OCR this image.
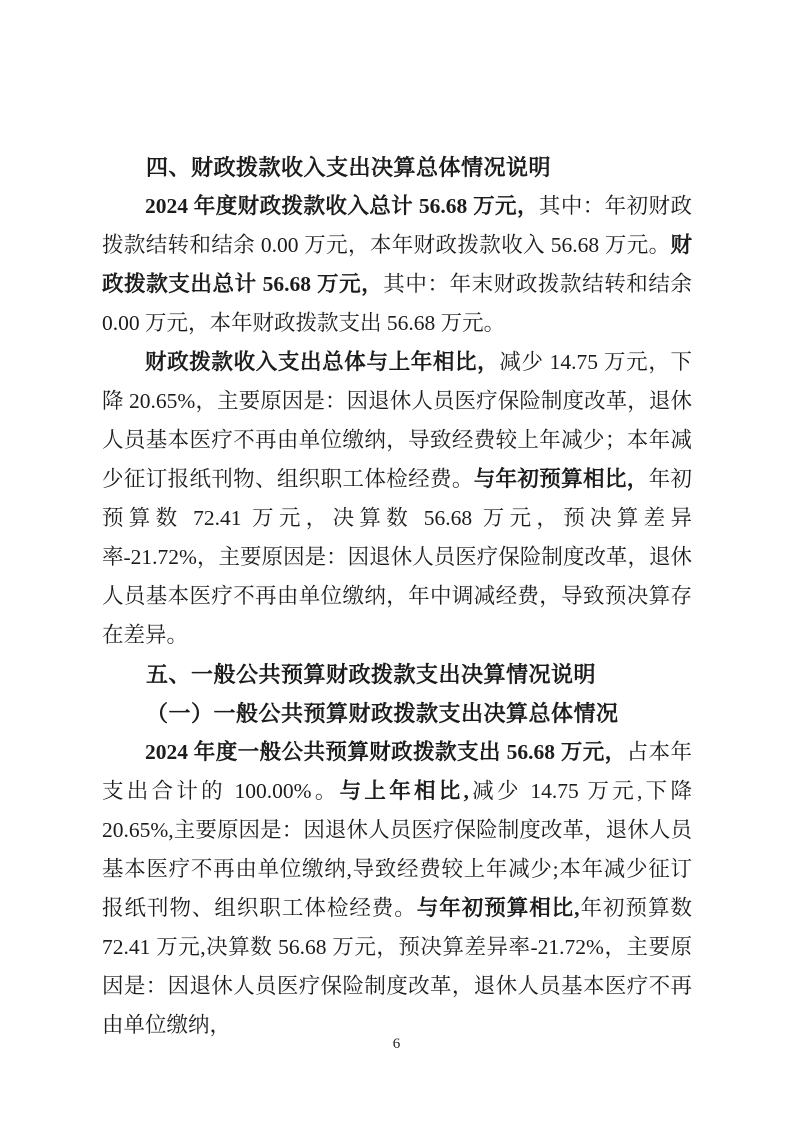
四、财政拨款收入支出决算总体情况说明

2024 年度财政拨款收入总计 56.68 万元，其中：年初财政拨款结转和结余 0.00 万元，本年财政拨款收入 56.68 万元。财政拨款支出总计 56.68 万元，其中：年末财政拨款结转和结余 0.00 万元，本年财政拨款支出 56.68 万元。

财政拨款收入支出总体与上年相比，减少 14.75 万元，下降 20.65%，主要原因是：因退休人员医疗保险制度改革，退休人员基本医疗不再由单位缴纳，导致经费较上年减少；本年减少征订报纸刊物、组织职工体检经费。与年初预算相比，年初预算数 72.41 万元，决算数 56.68 万元，预决算差异率-21.72%，主要原因是：因退休人员医疗保险制度改革，退休人员基本医疗不再由单位缴纳，年中调减经费，导致预决算存在差异。

五、一般公共预算财政拨款支出决算情况说明
（一）一般公共预算财政拨款支出决算总体情况

2024 年度一般公共预算财政拨款支出 56.68 万元，占本年支出合计的 100.00%。与上年相比,减少 14.75 万元,下降 20.65%,主要原因是：因退休人员医疗保险制度改革，退休人员基本医疗不再由单位缴纳,导致经费较上年减少;本年减少征订报纸刊物、组织职工体检经费。与年初预算相比,年初预算数 72.41 万元,决算数 56.68 万元，预决算差异率-21.72%，主要原因是：因退休人员医疗保险制度改革，退休人员基本医疗不再由单位缴纳，

6
